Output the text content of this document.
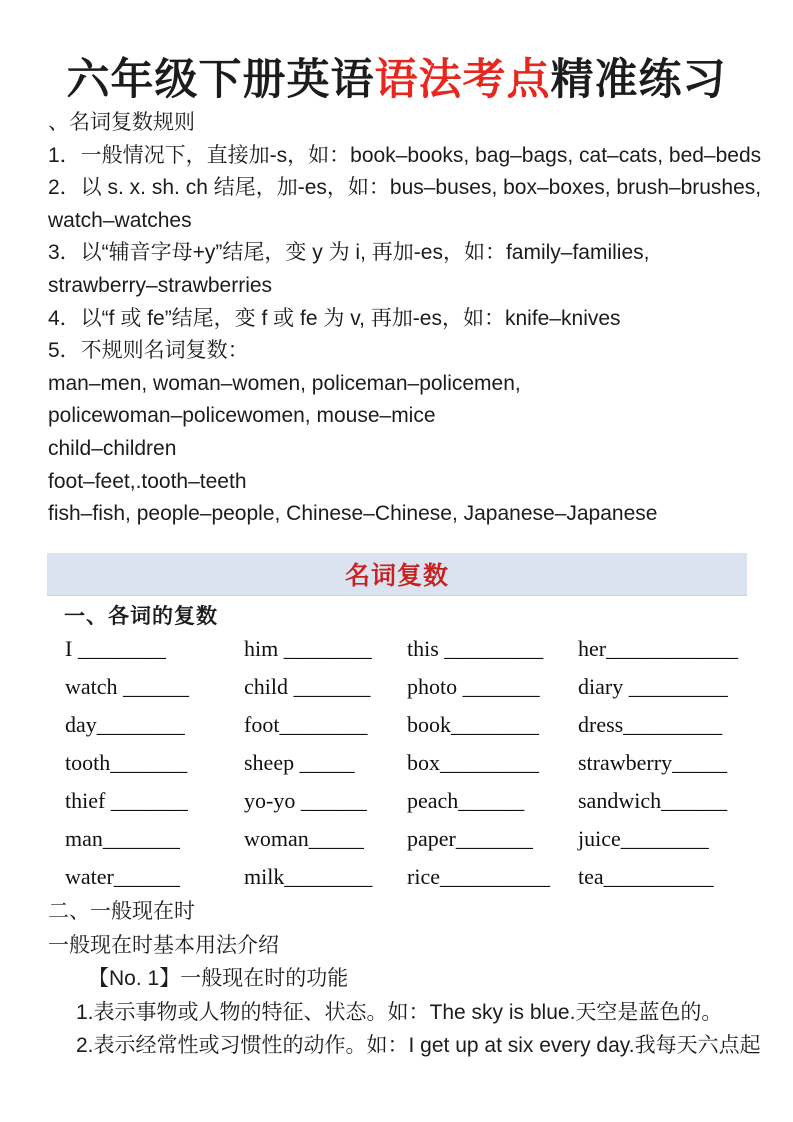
六年级下册英语语法考点精准练习
、名词复数规则
1．一般情况下，直接加-s，如：book–books, bag–bags, cat–cats, bed–beds
2．以 s. x. sh. ch 结尾，加-es，如：bus–buses, box–boxes, brush–brushes,
watch–watches
3．以“辅音字母+y”结尾，变 y 为 i, 再加-es，如：family–families,
strawberry–strawberries
4．以“f 或 fe”结尾，变 f 或 fe 为 v, 再加-es，如：knife–knives
5．不规则名词复数：
man–men, woman–women, policeman–policemen,
policewoman–policewomen, mouse–mice
child–children
foot–feet,.tooth–teeth
fish–fish, people–people, Chinese–Chinese, Japanese–Japanese
名词复数
一、各词的复数
I ________	him ________	this _________	her____________
watch ______	child _______	photo _______	diary _________
day________	foot________	book________	dress_________
tooth_______	sheep _____	box_________	strawberry_____
thief _______	yo-yo ______	peach______	sandwich______
man_______	woman_____	paper_______	juice________
water______	milk________	rice__________	tea__________
二、一般现在时
一般现在时基本用法介绍
【No. 1】一般现在时的功能
1.表示事物或人物的特征、状态。如：The sky is blue.天空是蓝色的。
2.表示经常性或习惯性的动作。如：I get up at six every day.我每天六点起
